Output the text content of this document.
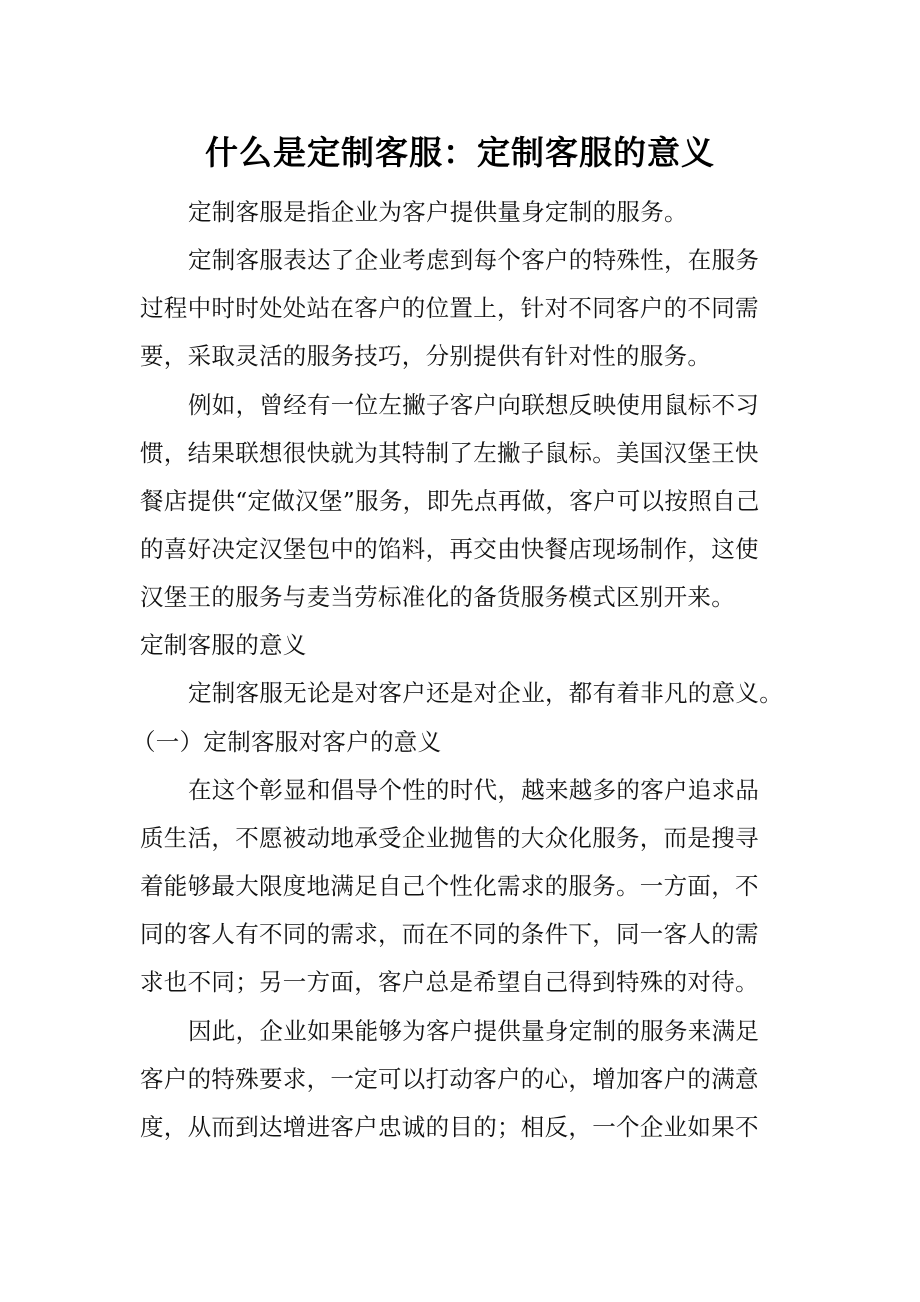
什么是定制客服：定制客服的意义
定制客服是指企业为客户提供量身定制的服务。
定制客服表达了企业考虑到每个客户的特殊性，在服务
过程中时时处处站在客户的位置上，针对不同客户的不同需
要，采取灵活的服务技巧，分别提供有针对性的服务。
例如，曾经有一位左撇子客户向联想反映使用鼠标不习
惯，结果联想很快就为其特制了左撇子鼠标。美国汉堡王快
餐店提供“定做汉堡”服务，即先点再做，客户可以按照自己
的喜好决定汉堡包中的馅料，再交由快餐店现场制作，这使
汉堡王的服务与麦当劳标准化的备货服务模式区别开来。
定制客服的意义
定制客服无论是对客户还是对企业，都有着非凡的意义。
（一）定制客服对客户的意义
在这个彰显和倡导个性的时代，越来越多的客户追求品
质生活，不愿被动地承受企业抛售的大众化服务，而是搜寻
着能够最大限度地满足自己个性化需求的服务。一方面，不
同的客人有不同的需求，而在不同的条件下，同一客人的需
求也不同；另一方面，客户总是希望自己得到特殊的对待。
因此，企业如果能够为客户提供量身定制的服务来满足
客户的特殊要求，一定可以打动客户的心，增加客户的满意
度，从而到达增进客户忠诚的目的；相反，一个企业如果不
